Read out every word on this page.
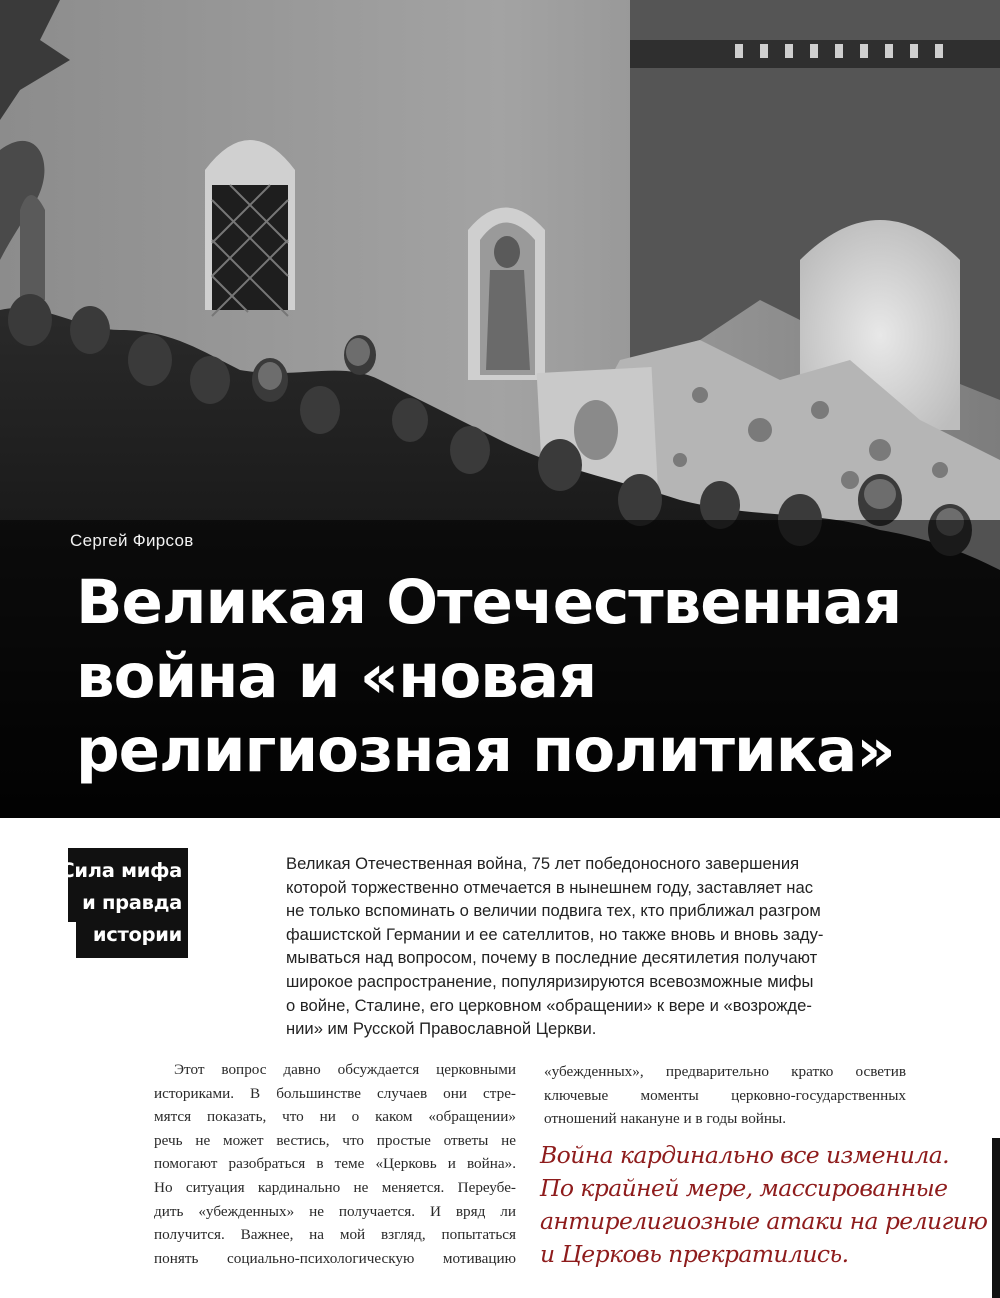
Сергей Фирсов
Великая Отечественная
война и «новая
религиозная политика»
Сила мифа
и правда
истории
Великая Отечественная война, 75 лет победоносного завершения
которой торжественно отмечается в нынешнем году, заставляет нас
не только вспоминать о величии подвига тех, кто приближал разгром
фашистской Германии и ее сателлитов, но также вновь и вновь заду-
мываться над вопросом, почему в последние десятилетия получают
широкое распространение, популяризируются всевозможные мифы
о войне, Сталине, его церковном «обращении» к вере и «возрожде-
нии» им Русской Православной Церкви.
Этот вопрос давно обсуждается церковными
историками. В большинстве случаев они стре-
мятся показать, что ни о каком «обращении»
речь не может вестись, что простые ответы не
помогают разобраться в теме «Церковь и война».
Но ситуация кардинально не меняется. Переубе-
дить «убежденных» не получается. И вряд ли
получится. Важнее, на мой взгляд, попытаться
понять социально-психологическую мотивацию
«убежденных», предварительно кратко осветив
ключевые моменты церковно-государственных
отношений накануне и в годы войны.
Война кардинально все изменила.
По крайней мере, массированные
антирелигиозные атаки на религию
и Церковь прекратились.
